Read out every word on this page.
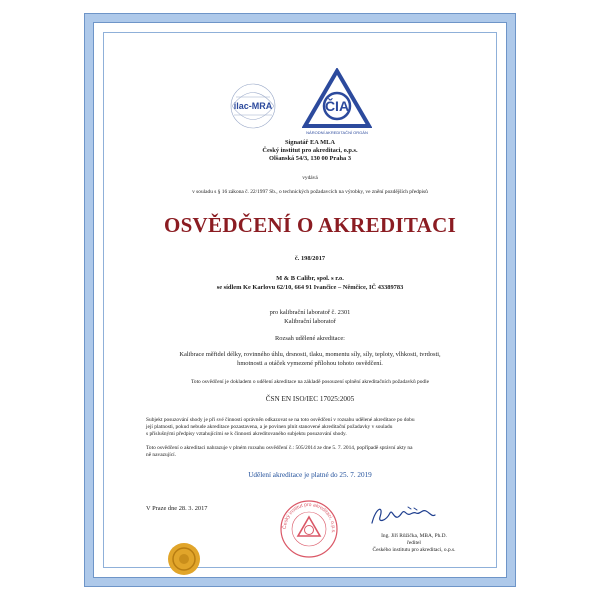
ilac-MRA	ČIA
NÁRODNÍ AKREDITAČNÍ ORGÁN
Signatář EA MLA
Český institut pro akreditaci, o.p.s.
Olšanská 54/3, 130 00 Praha 3
vydává
v souladu s § 16 zákona č. 22/1997 Sb., o technických požadavcích na výrobky, ve znění pozdějších předpisů
OSVĚDČENÍ O AKREDITACI
č. 198/2017
M & B Calibr, spol. s r.o.
se sídlem Ke Karlovu 62/10, 664 91 Ivančice – Němčice, IČ 43389783
pro kalibrační laboratoř č. 2301
Kalibrační laboratoř
Rozsah udělené akreditace:
Kalibrace měřidel délky, rovinného úhlu, drsnosti, tlaku, momentu síly, síly, teploty, vlhkosti, tvrdosti,
hmotnosti a otáček vymezené přílohou tohoto osvědčení.
Toto osvědčení je dokladem o udělení akreditace na základě posouzení splnění akreditačních požadavků podle
ČSN EN ISO/IEC 17025:2005
Subjekt posuzování shody je při své činnosti oprávněn odkazovat se na toto osvědčení v rozsahu udělené akreditace po dobu
její platnosti, pokud nebude akreditace pozastavena, a je povinen plnit stanovené akreditační požadavky v souladu
s příslušnými předpisy vztahujícími se k činnosti akreditovaného subjektu posuzování shody.
Toto osvědčení o akreditaci nahrazuje v plném rozsahu osvědčení č.: 505/2014 ze dne 5. 7. 2014, popřípadě správní akty na
ně navazující.
Udělení akreditace je platné do 25. 7. 2019
V Praze dne 28. 3. 2017
Český institut pro akreditaci, o.p.s.
Ing. Jiří Růžička, MBA, Ph.D.
ředitel
Českého institutu pro akreditaci, o.p.s.
